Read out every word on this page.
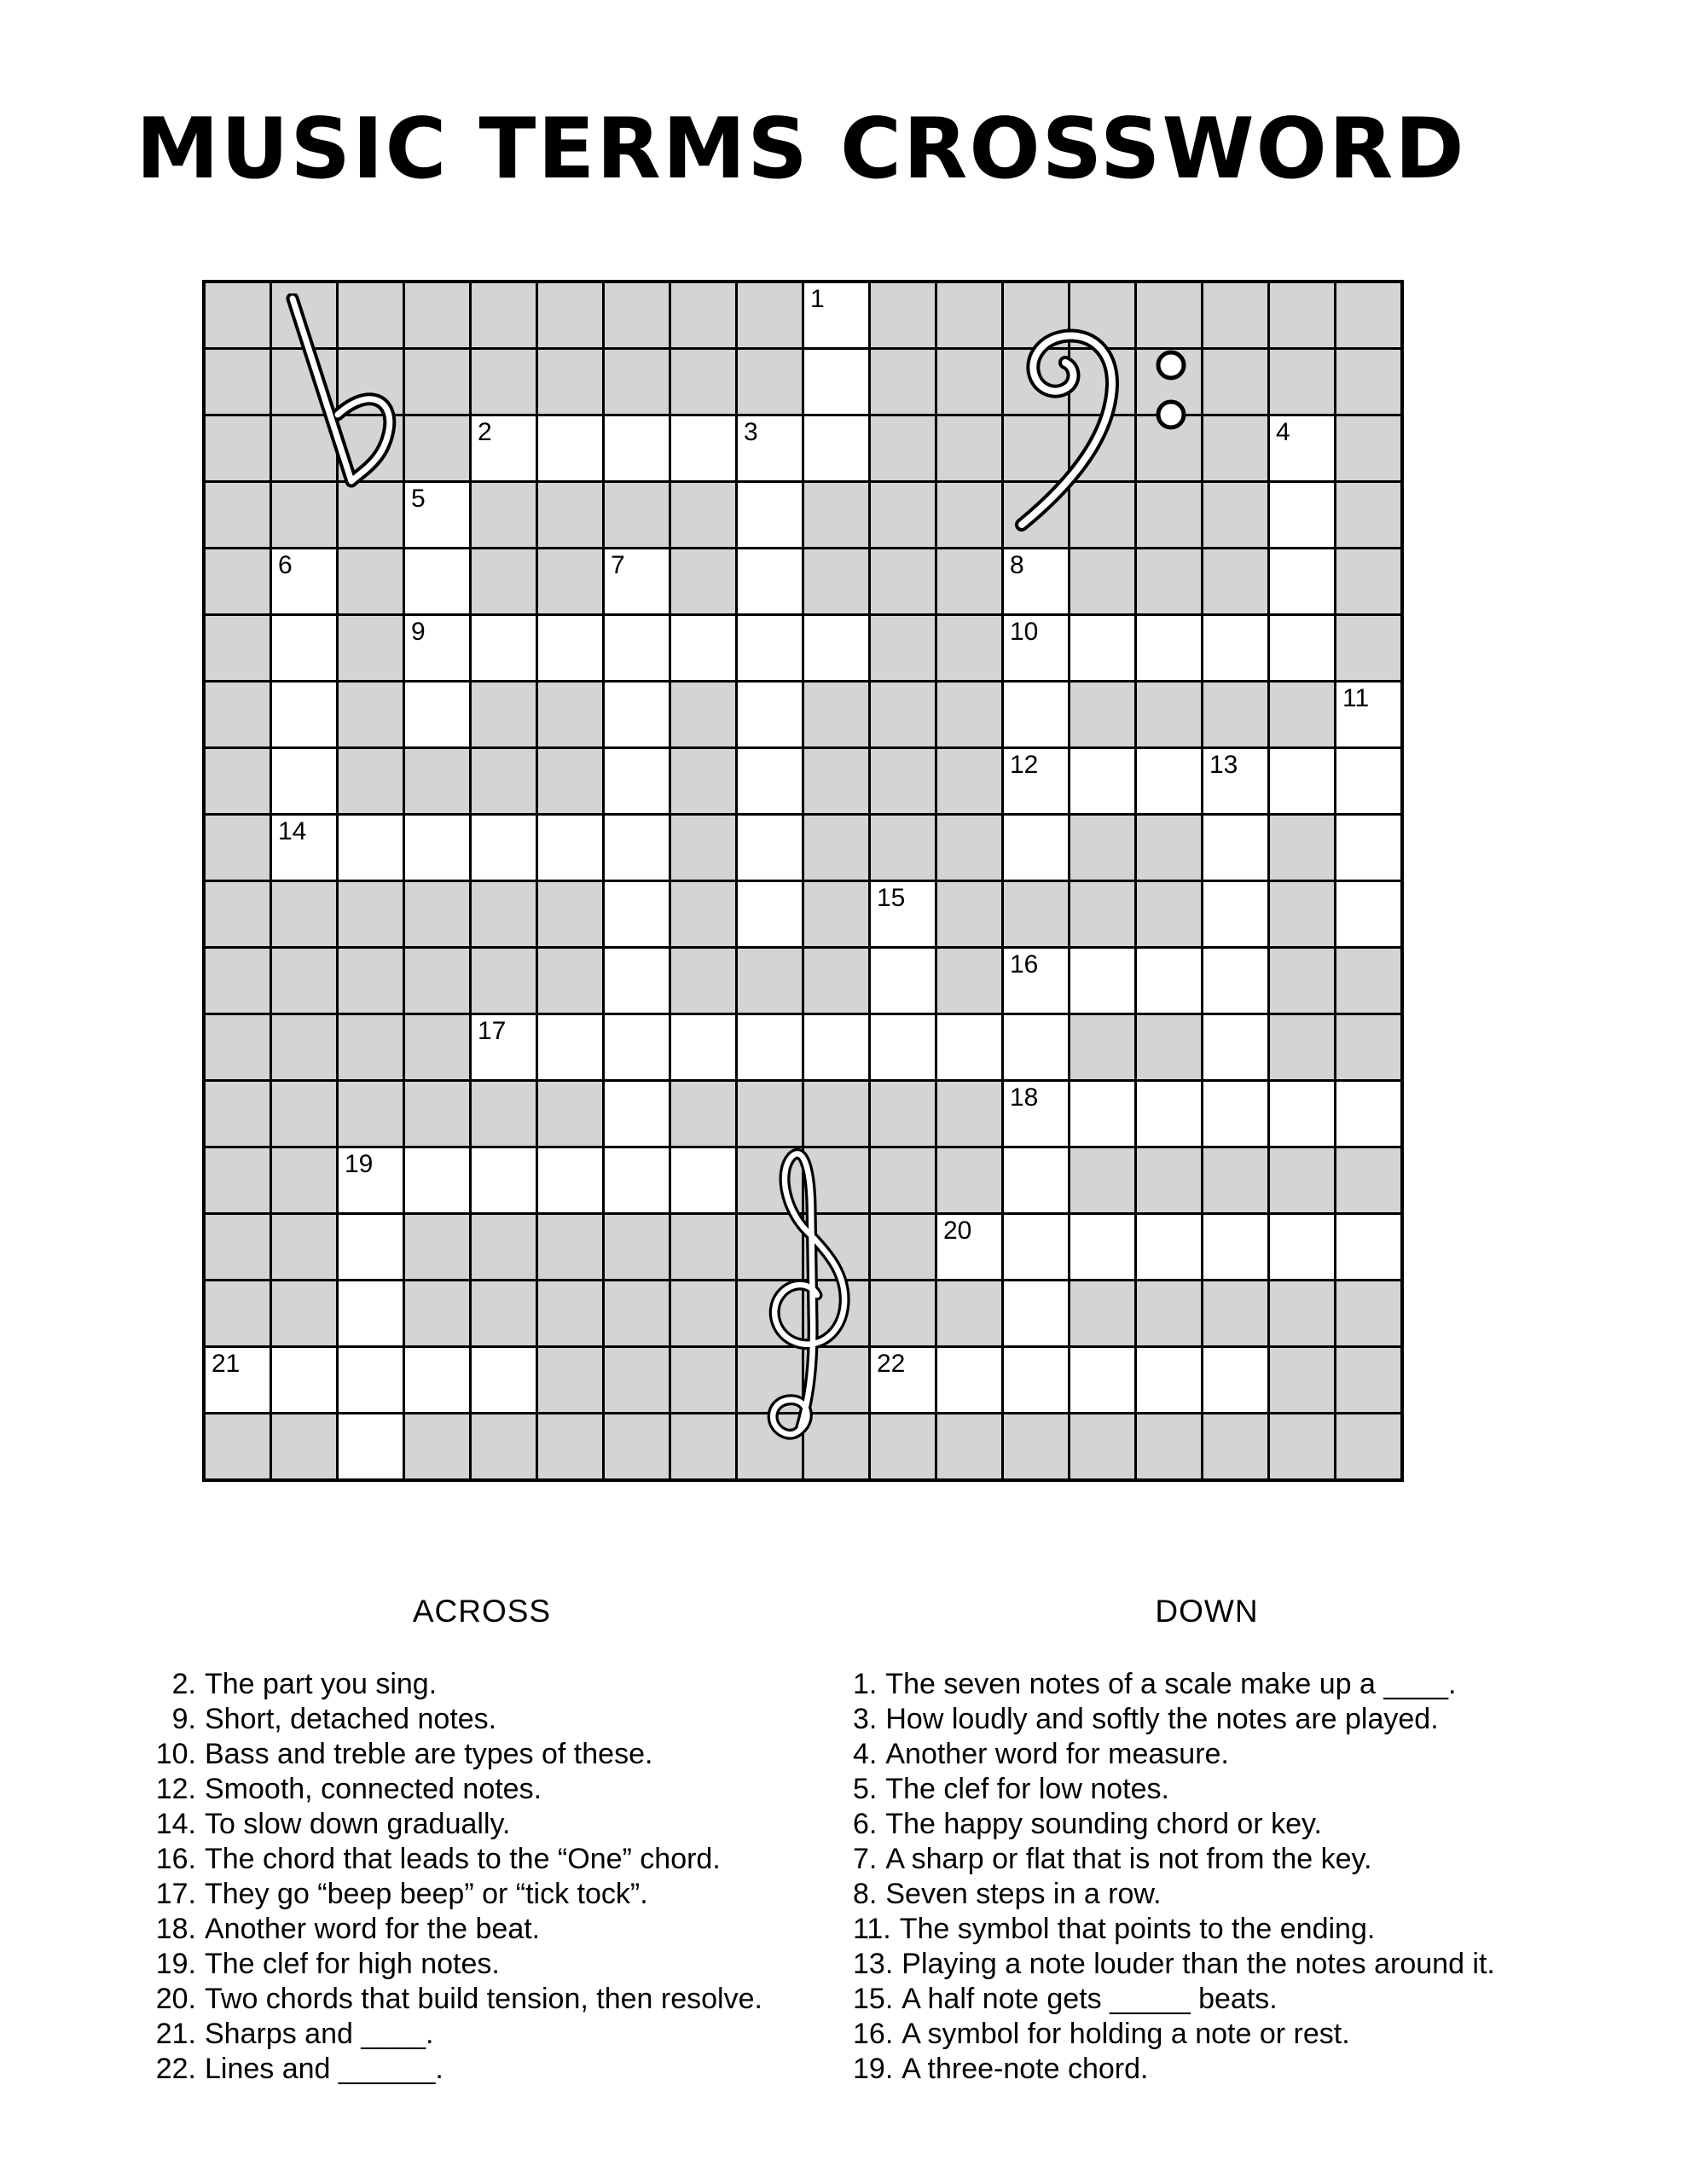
MUSIC TERMS CROSSWORD
1
2	3	4
5
6	7	8
9	10
11
12	13
14
15
16
17
18
19
20
21	22
ACROSS
2. The part you sing.
9. Short, detached notes.
10. Bass and treble are types of these.
12. Smooth, connected notes.
14. To slow down gradually.
16. The chord that leads to the “One” chord.
17. They go “beep beep” or “tick tock”.
18. Another word for the beat.
19. The clef for high notes.
20. Two chords that build tension, then resolve.
21. Sharps and ____.
22. Lines and ______.
DOWN
1. The seven notes of a scale make up a ____.
3. How loudly and softly the notes are played.
4. Another word for measure.
5. The clef for low notes.
6. The happy sounding chord or key.
7. A sharp or flat that is not from the key.
8. Seven steps in a row.
11. The symbol that points to the ending.
13. Playing a note louder than the notes around it.
15. A half note gets _____ beats.
16. A symbol for holding a note or rest.
19. A three-note chord.
